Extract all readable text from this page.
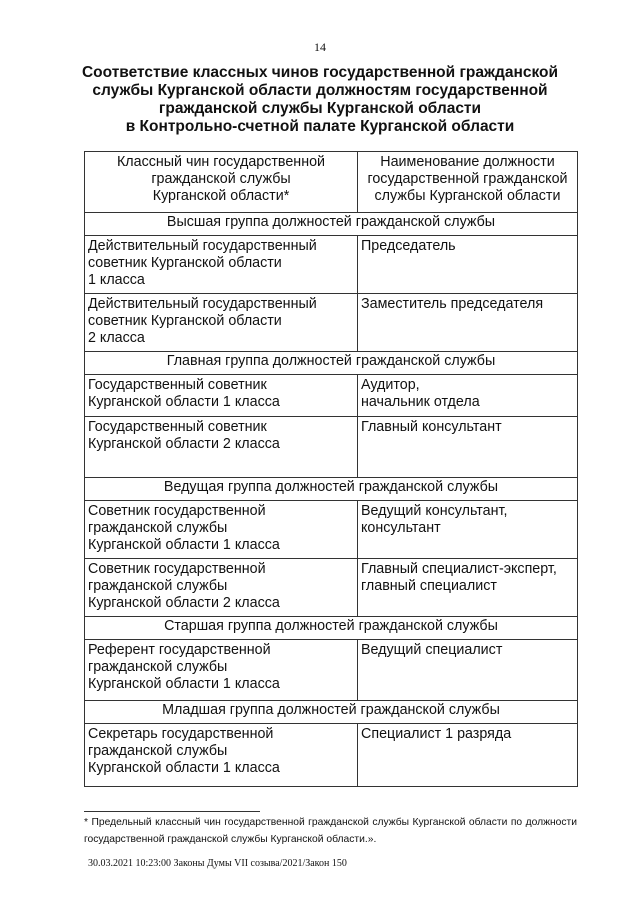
14
Соответствие классных чинов государственной гражданской
службы Курганской области должностям государственной
гражданской службы Курганской области
в Контрольно-счетной палате Курганской области
Классный чин государственной
гражданской службы
Курганской области*	Наименование должности
государственной гражданской
службы Курганской области

Высшая группа должностей гражданской службы	

Действительный государственный
советник Курганской области
1 класса	Председатель

Действительный государственный
советник Курганской области
2 класса	Заместитель председателя

Главная группа должностей гражданской службы	

Государственный советник
Курганской области 1 класса	Аудитор,
начальник отдела

Государственный советник
Курганской области 2 класса	Главный консультант

Ведущая группа должностей гражданской службы	

Советник государственной
гражданской службы
Курганской области 1 класса	Ведущий консультант,
консультант

Советник государственной
гражданской службы
Курганской области 2 класса	Главный специалист-эксперт,
главный специалист

Старшая группа должностей гражданской службы	

Референт государственной
гражданской службы
Курганской области 1 класса	Ведущий специалист

Младшая группа должностей гражданской службы	

Секретарь государственной
гражданской службы
Курганской области 1 класса	Специалист 1 разряда
* Предельный классный чин государственной гражданской службы Курганской области по должности государственной гражданской службы Курганской области.».
30.03.2021 10:23:00 Законы Думы VII созыва/2021/Закон 150
